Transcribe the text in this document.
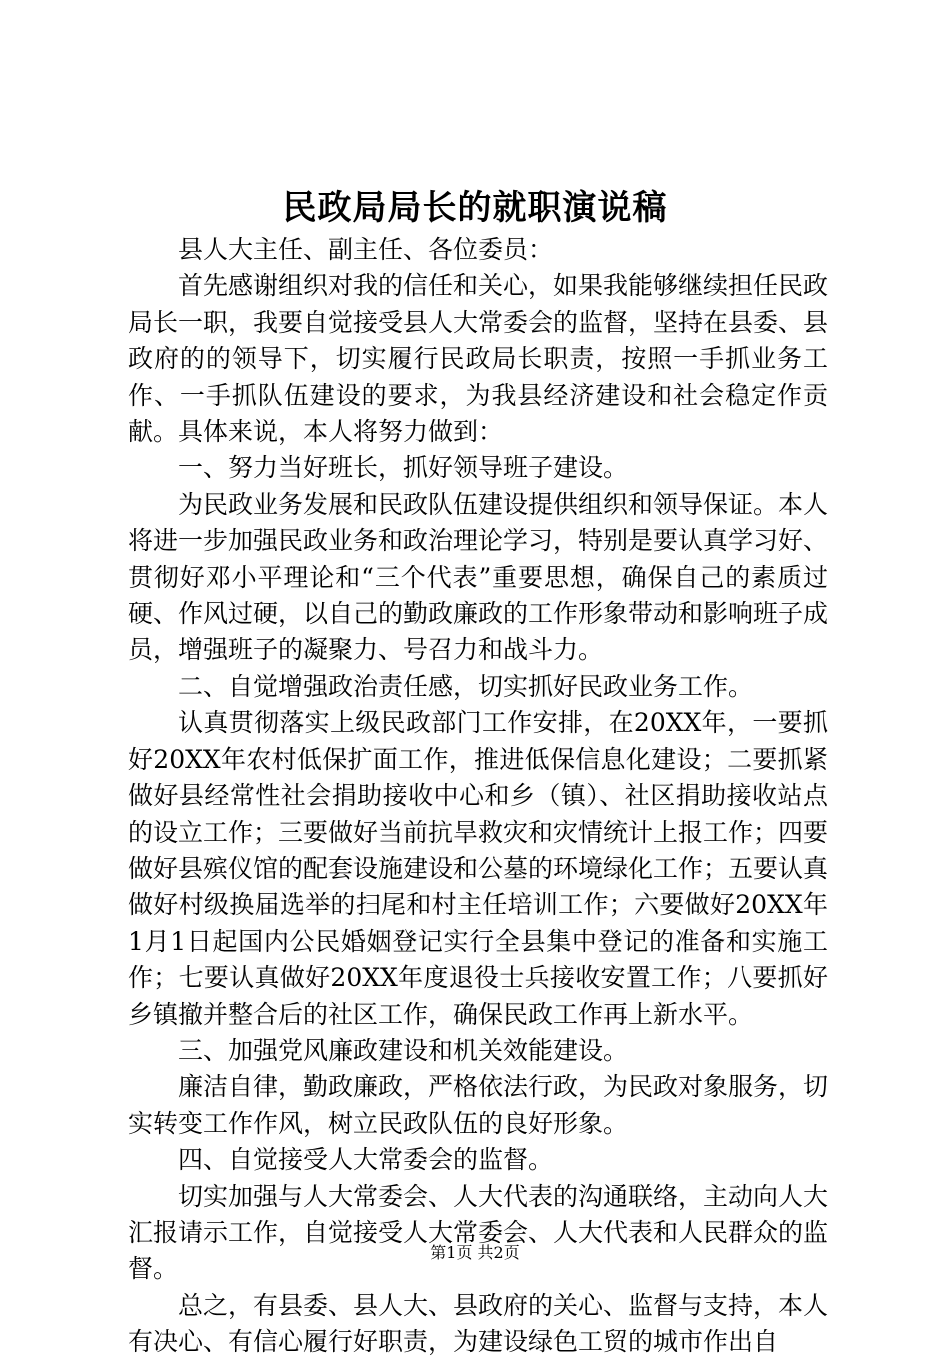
民政局局长的就职演说稿

县人大主任、副主任、各位委员：

首先感谢组织对我的信任和关心，如果我能够继续担任民政局长一职，我要自觉接受县人大常委会的监督，坚持在县委、县政府的的领导下，切实履行民政局长职责，按照一手抓业务工作、一手抓队伍建设的要求，为我县经济建设和社会稳定作贡献。具体来说，本人将努力做到：

一、努力当好班长，抓好领导班子建设。

为民政业务发展和民政队伍建设提供组织和领导保证。本人将进一步加强民政业务和政治理论学习，特别是要认真学习好、贯彻好邓小平理论和“三个代表”重要思想，确保自己的素质过硬、作风过硬，以自己的勤政廉政的工作形象带动和影响班子成员，增强班子的凝聚力、号召力和战斗力。

二、自觉增强政治责任感，切实抓好民政业务工作。

认真贯彻落实上级民政部门工作安排，在20XX年，一要抓好20XX年农村低保扩面工作，推进低保信息化建设；二要抓紧做好县经常性社会捐助接收中心和乡（镇）、社区捐助接收站点的设立工作；三要做好当前抗旱救灾和灾情统计上报工作；四要做好县殡仪馆的配套设施建设和公墓的环境绿化工作；五要认真做好村级换届选举的扫尾和村主任培训工作；六要做好20XX年1月1日起国内公民婚姻登记实行全县集中登记的准备和实施工作；七要认真做好20XX年度退役士兵接收安置工作；八要抓好乡镇撤并整合后的社区工作，确保民政工作再上新水平。

三、加强党风廉政建设和机关效能建设。

廉洁自律，勤政廉政，严格依法行政，为民政对象服务，切实转变工作作风，树立民政队伍的良好形象。

四、自觉接受人大常委会的监督。

切实加强与人大常委会、人大代表的沟通联络，主动向人大汇报请示工作，自觉接受人大常委会、人大代表和人民群众的监督。

总之，有县委、县人大、县政府的关心、监督与支持，本人有决心、有信心履行好职责，为建设绿色工贸的城市作出自

第1页 共2页
